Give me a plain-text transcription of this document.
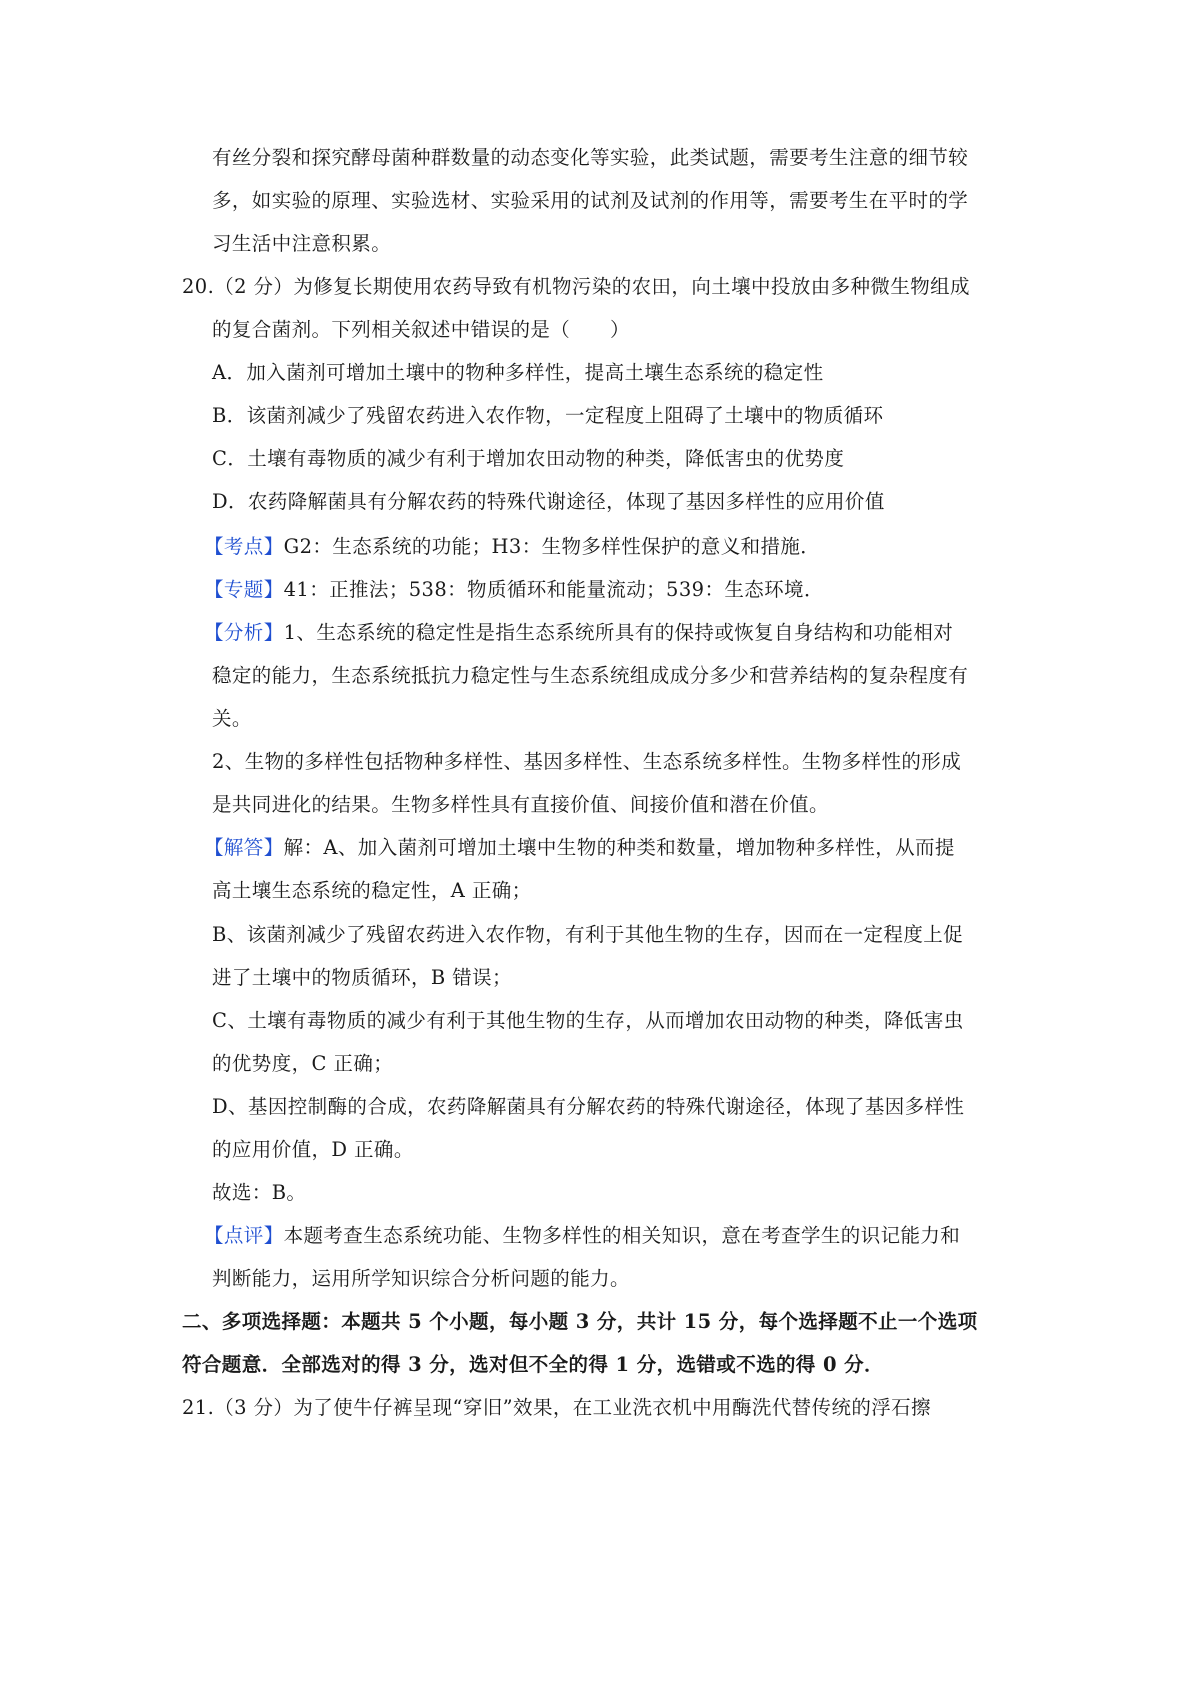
有丝分裂和探究酵母菌种群数量的动态变化等实验，此类试题，需要考生注意的细节较
多，如实验的原理、实验选材、实验采用的试剂及试剂的作用等，需要考生在平时的学
习生活中注意积累。
20.（2 分）为修复长期使用农药导致有机物污染的农田，向土壤中投放由多种微生物组成
的复合菌剂。下列相关叙述中错误的是（　　）
A．加入菌剂可增加土壤中的物种多样性，提高土壤生态系统的稳定性
B．该菌剂减少了残留农药进入农作物，一定程度上阻碍了土壤中的物质循环
C．土壤有毒物质的减少有利于增加农田动物的种类，降低害虫的优势度
D．农药降解菌具有分解农药的特殊代谢途径，体现了基因多样性的应用价值
【考点】G2：生态系统的功能；H3：生物多样性保护的意义和措施．
【专题】41：正推法；538：物质循环和能量流动；539：生态环境．
【分析】1、生态系统的稳定性是指生态系统所具有的保持或恢复自身结构和功能相对
稳定的能力，生态系统抵抗力稳定性与生态系统组成成分多少和营养结构的复杂程度有
关。
2、生物的多样性包括物种多样性、基因多样性、生态系统多样性。生物多样性的形成
是共同进化的结果。生物多样性具有直接价值、间接价值和潜在价值。
【解答】解：A、加入菌剂可增加土壤中生物的种类和数量，增加物种多样性，从而提
高土壤生态系统的稳定性，A 正确；
B、该菌剂减少了残留农药进入农作物，有利于其他生物的生存，因而在一定程度上促
进了土壤中的物质循环，B 错误；
C、土壤有毒物质的减少有利于其他生物的生存，从而增加农田动物的种类，降低害虫
的优势度，C 正确；
D、基因控制酶的合成，农药降解菌具有分解农药的特殊代谢途径，体现了基因多样性
的应用价值，D 正确。
故选：B。
【点评】本题考查生态系统功能、生物多样性的相关知识，意在考查学生的识记能力和
判断能力，运用所学知识综合分析问题的能力。
二、多项选择题：本题共 5 个小题，每小题 3 分，共计 15 分，每个选择题不止一个选项
符合题意．全部选对的得 3 分，选对但不全的得 1 分，选错或不选的得 0 分．
21.（3 分）为了使牛仔裤呈现“穿旧”效果，在工业洗衣机中用酶洗代替传统的浮石擦
